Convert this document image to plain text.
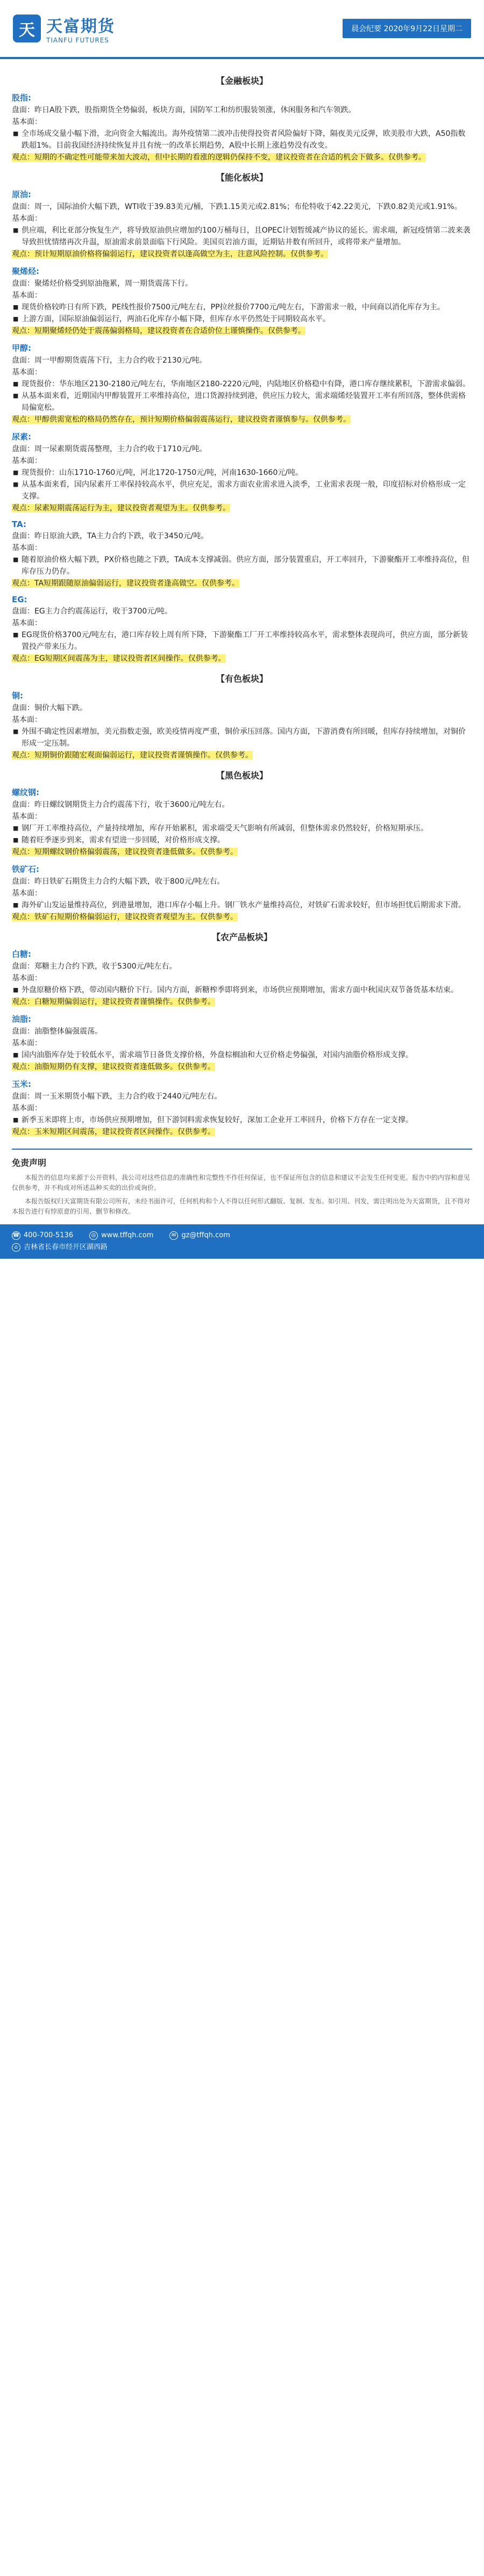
天 天富期货
TIANFU FUTURES
晨会纪要 2020年9月22日星期二
【金融板块】
股指:
盘面：昨日A股下跌，股指期货全势偏弱，板块方面，国防军工和纺织服装领涨，休闲服务和汽车领跌。
基本面：
■ 全市场成交量小幅下滑，北向资金大幅流出。海外疫情第二波冲击使得投资者风险偏好下降，隔夜美元反弹，欧美股市大跌，A50指数跌超1%。目前我国经济持续恢复并且有统一的改革长期趋势，A股中长期上涨趋势没有改变。
观点：短期的不确定性可能带来加大波动，但中长期的看涨的逻辑仍保持不变，建议投资者在合适的机会下做多。仅供参考。
【能化板块】
原油:
盘面：周一，国际油价大幅下跌，WTI收于39.83美元/桶，下跌1.15美元或2.81%；布伦特收于42.22美元，下跌0.82美元或1.91%。
基本面：
■ 供应端，利比亚部分恢复生产，将导致原油供应增加约100万桶每日，且OPEC计划暂缓减产协议的延长。需求端，新冠疫情第二波来袭导致担忧情绪再次升温，原油需求前景面临下行风险。美国页岩油方面，近期钻井数有所回升，或将带来产量增加。
观点：预计短期原油价格将偏弱运行，建议投资者以逢高做空为主，注意风险控制。仅供参考。
聚烯烃:
盘面：聚烯烃价格受到原油拖累，周一期货震荡下行。
基本面：
■ 现货价格较昨日有所下跌，PE线性报价7500元/吨左右，PP拉丝报价7700元/吨左右，下游需求一般，中间商以消化库存为主。
■ 上游方面，国际原油偏弱运行，两油石化库存小幅下降，但库存水平仍然处于同期较高水平。
观点：短期聚烯烃仍处于震荡偏弱格局，建议投资者在合适价位上谨慎操作。仅供参考。
甲醇:
盘面：周一甲醇期货震荡下行，主力合约收于2130元/吨。
基本面：
■ 现货报价：华东地区2130-2180元/吨左右，华南地区2180-2220元/吨，内陆地区价格稳中有降，港口库存继续累积，下游需求偏弱。
■ 从基本面来看，近期国内甲醇装置开工率维持高位，进口货源持续到港，供应压力较大，需求端烯烃装置开工率有所回落，整体供需格局偏宽松。
观点：甲醇供需宽松的格局仍然存在，预计短期价格偏弱震荡运行，建议投资者谨慎参与。仅供参考。
尿素:
盘面：周一尿素期货震荡整理，主力合约收于1710元/吨。
基本面：
■ 现货报价：山东1710-1760元/吨，河北1720-1750元/吨，河南1630-1660元/吨。
■ 从基本面来看，国内尿素开工率保持较高水平，供应充足，需求方面农业需求进入淡季，工业需求表现一般，印度招标对价格形成一定支撑。
观点：尿素短期震荡运行为主，建议投资者观望为主。仅供参考。
TA:
盘面：昨日原油大跌，TA主力合约下跌，收于3450元/吨。
基本面：
■ 随着原油价格大幅下跌，PX价格也随之下跌，TA成本支撑减弱。供应方面，部分装置重启，开工率回升，下游聚酯开工率维持高位，但库存压力仍存。
观点：TA短期跟随原油偏弱运行，建议投资者逢高做空。仅供参考。
EG:
盘面：EG主力合约震荡运行，收于3700元/吨。
基本面：
■ EG现货价格3700元/吨左右，港口库存较上周有所下降，下游聚酯工厂开工率维持较高水平，需求整体表现尚可，供应方面，部分新装置投产带来压力。
观点：EG短期区间震荡为主，建议投资者区间操作。仅供参考。
【有色板块】
铜:
盘面：铜价大幅下跌。
基本面：
■ 外围不确定性因素增加，美元指数走强，欧美疫情再度严重，铜价承压回落。国内方面，下游消费有所回暖，但库存持续增加，对铜价形成一定压制。
观点：短期铜价跟随宏观面偏弱运行，建议投资者谨慎操作。仅供参考。
【黑色板块】
螺纹钢:
盘面：昨日螺纹钢期货主力合约震荡下行，收于3600元/吨左右。
基本面：
■ 钢厂开工率维持高位，产量持续增加，库存开始累积，需求端受天气影响有所减弱，但整体需求仍然较好，价格短期承压。
■ 随着旺季逐步到来，需求有望进一步回暖，对价格形成支撑。
观点：短期螺纹钢价格偏弱震荡，建议投资者逢低做多。仅供参考。
铁矿石:
盘面：昨日铁矿石期货主力合约大幅下跌，收于800元/吨左右。
基本面：
■ 海外矿山发运量维持高位，到港量增加，港口库存小幅上升。钢厂铁水产量维持高位，对铁矿石需求较好，但市场担忧后期需求下滑。
观点：铁矿石短期价格偏弱运行，建议投资者观望为主。仅供参考。
【农产品板块】
白糖:
盘面：郑糖主力合约下跌，收于5300元/吨左右。
基本面：
■ 外盘原糖价格下跌，带动国内糖价下行。国内方面，新糖榨季即将到来，市场供应预期增加，需求方面中秋国庆双节备货基本结束。
观点：白糖短期偏弱运行，建议投资者谨慎操作。仅供参考。
油脂:
盘面：油脂整体偏强震荡。
基本面：
■ 国内油脂库存处于较低水平，需求端节日备货支撑价格，外盘棕榈油和大豆价格走势偏强，对国内油脂价格形成支撑。
观点：油脂短期仍有支撑，建议投资者逢低做多。仅供参考。
玉米:
盘面：周一玉米期货小幅下跌，主力合约收于2440元/吨左右。
基本面：
■ 新季玉米即将上市，市场供应预期增加，但下游饲料需求恢复较好，深加工企业开工率回升，价格下方存在一定支撑。
观点：玉米短期区间震荡，建议投资者区间操作。仅供参考。
免责声明
本报告的信息均来源于公开资料，我公司对这些信息的准确性和完整性不作任何保证，也不保证所包含的信息和建议不会发生任何变更。报告中的内容和意见仅供参考，并不构成对所述品种买卖的出价或询价。
本报告版权归天富期货有限公司所有，未经书面许可，任何机构和个人不得以任何形式翻版、复制、发布。如引用、刊发，需注明出处为天富期货，且不得对本报告进行有悖原意的引用、删节和修改。
☎ 400-700-5136	◎ www.tffqh.com	✉ gz@tffqh.com
⌂ 吉林省长春市经开区湖西路
